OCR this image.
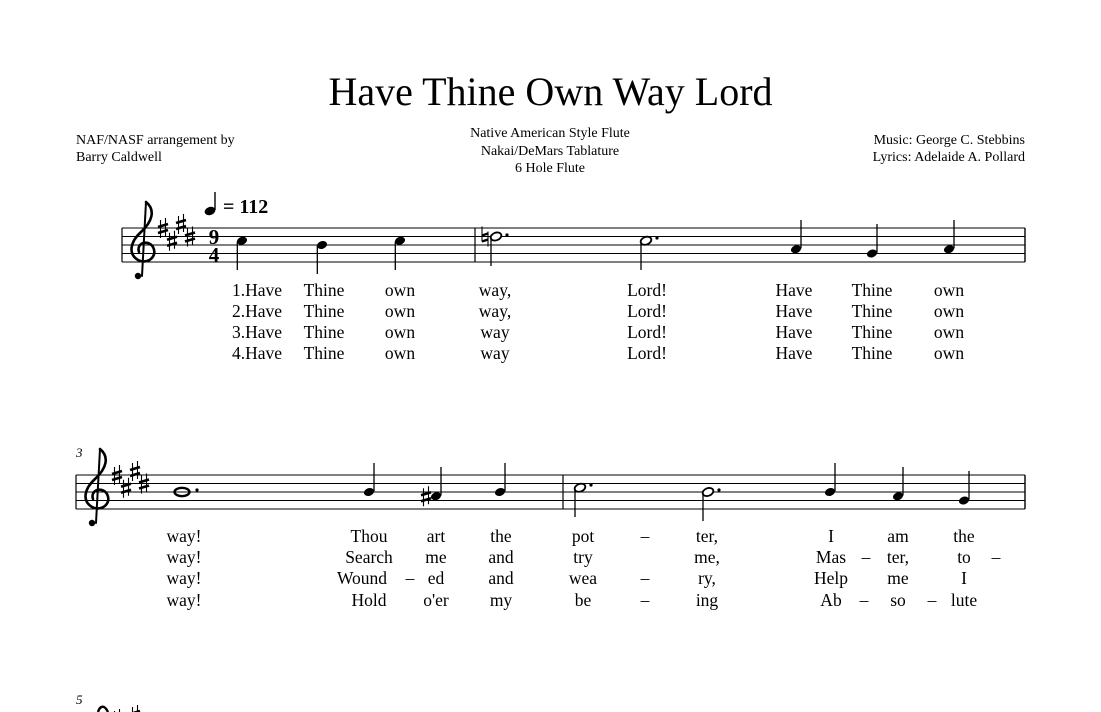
Have Thine Own Way Lord
NAF/NASF arrangement by
Barry Caldwell
Native American Style Flute
Nakai/DeMars Tablature
6 Hole Flute
Music: George C. Stebbins
Lyrics: Adelaide A. Pollard
= 112
9
4
3
5
1.Have Thine own	way,	Lord!	Have Thine own
2.Have Thine own	way,	Lord!	Have Thine own
3.Have Thine own	way	Lord!	Have Thine own
4.Have Thine own	way	Lord!	Have Thine own
way!	Thou art	the	pot	–	ter,	I	am	the
way!	Search me and	try	me,	Mas – ter,	to –
way!	Wound – ed	and	wea –	ry,	Help me	I
way!	Hold o'er my	be	–	ing	Ab – so – lute
